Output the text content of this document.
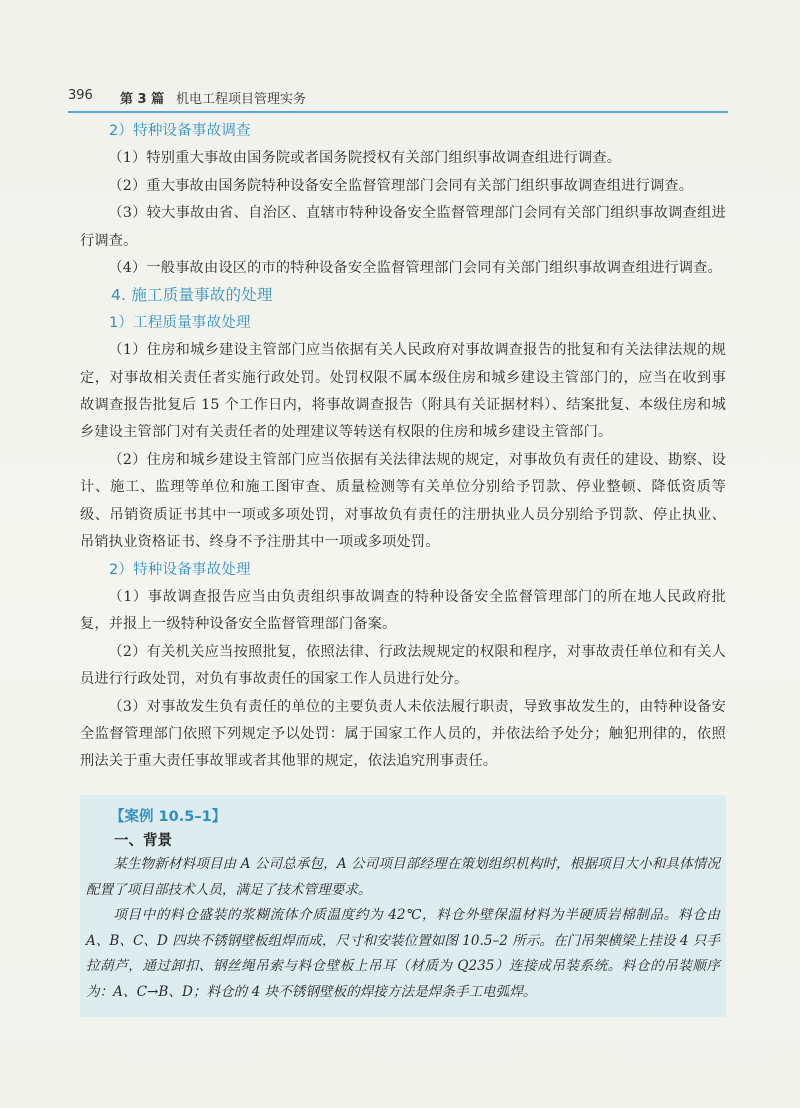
396 第 3 篇 机电工程项目管理实务

2）特种设备事故调查

（1）特别重大事故由国务院或者国务院授权有关部门组织事故调查组进行调查。

（2）重大事故由国务院特种设备安全监督管理部门会同有关部门组织事故调查组进行调查。

（3）较大事故由省、自治区、直辖市特种设备安全监督管理部门会同有关部门组织事故调查组进行调查。

（4）一般事故由设区的市的特种设备安全监督管理部门会同有关部门组织事故调查组进行调查。

4. 施工质量事故的处理

1）工程质量事故处理

（1）住房和城乡建设主管部门应当依据有关人民政府对事故调查报告的批复和有关法律法规的规定，对事故相关责任者实施行政处罚。处罚权限不属本级住房和城乡建设主管部门的，应当在收到事故调查报告批复后 15 个工作日内，将事故调查报告（附具有关证据材料）、结案批复、本级住房和城乡建设主管部门对有关责任者的处理建议等转送有权限的住房和城乡建设主管部门。

（2）住房和城乡建设主管部门应当依据有关法律法规的规定，对事故负有责任的建设、勘察、设计、施工、监理等单位和施工图审查、质量检测等有关单位分别给予罚款、停业整顿、降低资质等级、吊销资质证书其中一项或多项处罚，对事故负有责任的注册执业人员分别给予罚款、停止执业、吊销执业资格证书、终身不予注册其中一项或多项处罚。

2）特种设备事故处理

（1）事故调查报告应当由负责组织事故调查的特种设备安全监督管理部门的所在地人民政府批复，并报上一级特种设备安全监督管理部门备案。

（2）有关机关应当按照批复，依照法律、行政法规规定的权限和程序，对事故责任单位和有关人员进行行政处罚，对负有事故责任的国家工作人员进行处分。

（3）对事故发生负有责任的单位的主要负责人未依法履行职责，导致事故发生的，由特种设备安全监督管理部门依照下列规定予以处罚：属于国家工作人员的，并依法给予处分；触犯刑律的，依照刑法关于重大责任事故罪或者其他罪的规定，依法追究刑事责任。

【案例 10.5–1】
一、背景

某生物新材料项目由 A 公司总承包，A 公司项目部经理在策划组织机构时，根据项目大小和具体情况配置了项目部技术人员，满足了技术管理要求。

项目中的料仓盛装的浆糊流体介质温度约为 42℃，料仓外壁保温材料为半硬质岩棉制品。料仓由 A、B、C、D 四块不锈钢壁板组焊而成，尺寸和安装位置如图 10.5–2 所示。在门吊架横梁上挂设 4 只手拉葫芦，通过卸扣、钢丝绳吊索与料仓壁板上吊耳（材质为 Q235）连接成吊装系统。料仓的吊装顺序为：A、C→B、D；料仓的 4 块不锈钢壁板的焊接方法是焊条手工电弧焊。
